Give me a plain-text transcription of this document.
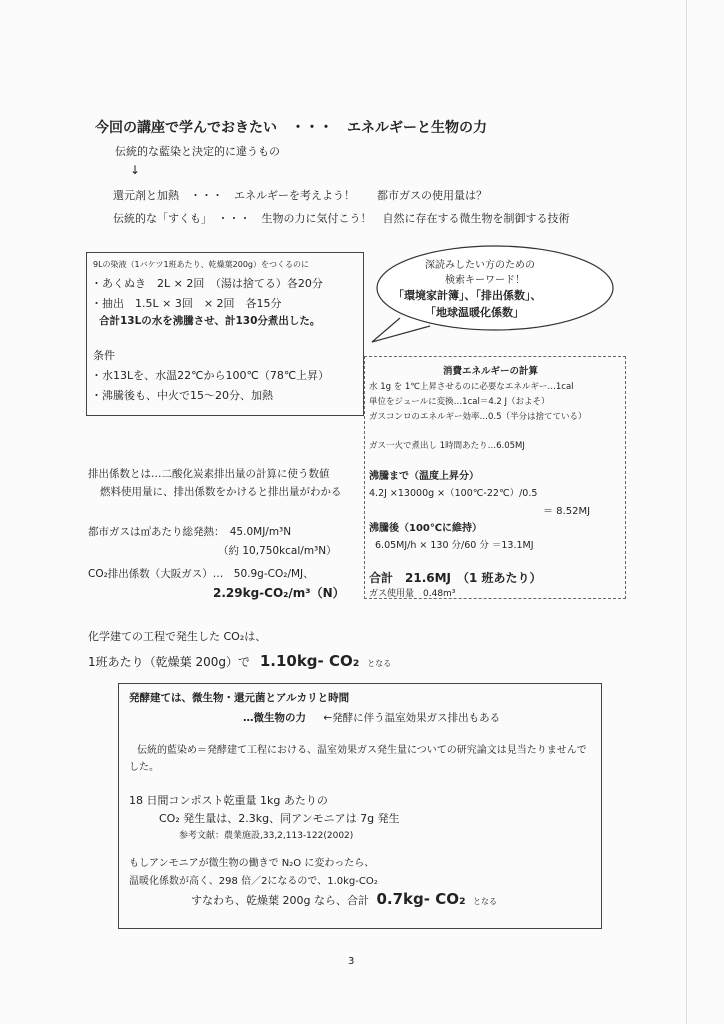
今回の講座で学んでおきたい　・・・　エネルギーと生物の力
伝統的な藍染と決定的に違うもの
↓
還元剤と加熱　・・・　エネルギーを考えよう！　　都市ガスの使用量は？
伝統的な「すくも」　・・・　生物の力に気付こう！　自然に存在する微生物を制御する技術
9Lの染液（1バケツ1班あたり、乾燥葉200g）をつくるのに
・あくぬき　2L × 2回　（湯は捨てる）各20分
・抽出　1.5L × 3回　× 2回　各15分
合計13Lの水を沸騰させ、計130分煮出した。
条件
・水13Lを、水温22℃から100℃（78℃上昇）
・沸騰後も、中火で15〜20分、加熱
深読みしたい方のための
検索キーワード！
「環境家計簿」、「排出係数」、
「地球温暖化係数」
消費エネルギーの計算
水 1g を 1℃上昇させるのに必要なエネルギー…1cal
単位をジュールに変換…1cal＝4.2 J（およそ）
ガスコンロのエネルギー効率…0.5（半分は捨てている）
ガス一火で煮出し 1時間あたり…6.05MJ
沸騰まで（温度上昇分）
4.2J ×13000g ×（100℃-22℃）/0.5
＝ 8.52MJ
沸騰後（100℃に維持）
6.05MJ/h × 130 分/60 分 ＝13.1MJ
合計　21.6MJ　（1 班あたり）
ガス使用量　0.48m³
排出係数とは…二酸化炭素排出量の計算に使う数値
燃料使用量に、排出係数をかけると排出量がわかる
都市ガスは㎥あたり総発熱：　45.0MJ/m³N
（約 10,750kcal/m³N）
CO₂排出係数（大阪ガス）…　50.9g-CO₂/MJ、
2.29kg-CO₂/m³（N）
化学建ての工程で発生した CO₂は、
1班あたり（乾燥葉 200g）で 1.10kg- CO₂ となる
発酵建ては、微生物・還元菌とアルカリと時間
…微生物の力 ←発酵に伴う温室効果ガス排出もある
伝統的藍染め＝発酵建て工程における、温室効果ガス発生量についての研究論文は見当たりませんでした。
18 日間コンポスト乾重量 1kg あたりの
CO₂ 発生量は、2.3kg、同アンモニアは 7g 発生
参考文献：農業施設,33,2,113-122(2002)
もしアンモニアが微生物の働きで N₂O に変わったら、
温暖化係数が高く、298 倍／2になるので、1.0kg-CO₂
すなわち、乾燥葉 200g なら、合計 0.7kg- CO₂ となる
3
